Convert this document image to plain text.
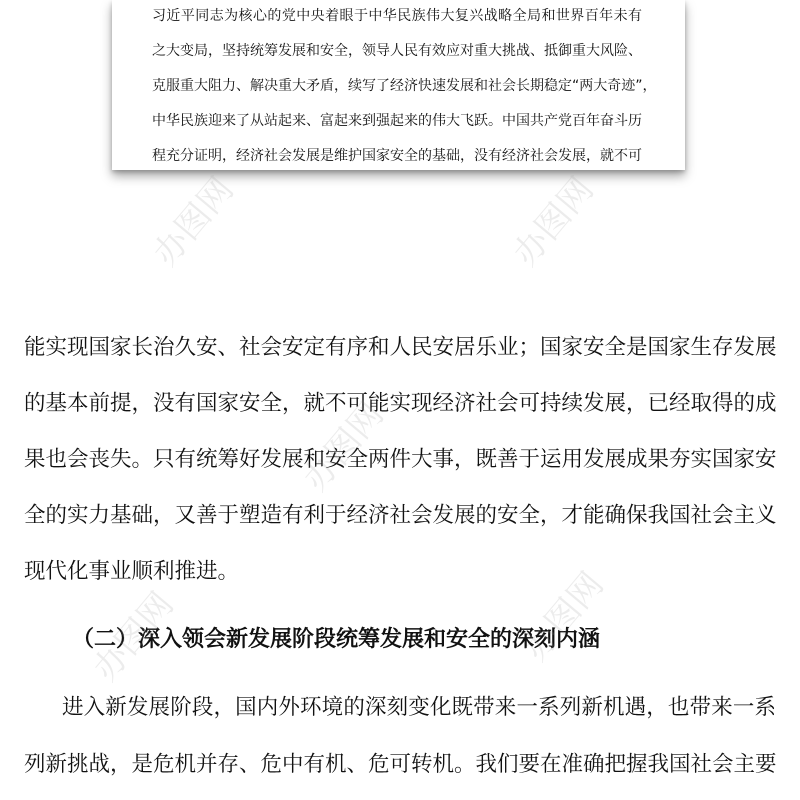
习近平同志为核心的党中央着眼于中华民族伟大复兴战略全局和世界百年未有
之大变局，坚持统筹发展和安全，领导人民有效应对重大挑战、抵御重大风险、
克服重大阻力、解决重大矛盾，续写了经济快速发展和社会长期稳定“两大奇迹”，
中华民族迎来了从站起来、富起来到强起来的伟大飞跃。中国共产党百年奋斗历
程充分证明，经济社会发展是维护国家安全的基础，没有经济社会发展，就不可
能实现国家长治久安、社会安定有序和人民安居乐业；国家安全是国家生存发展
的基本前提，没有国家安全，就不可能实现经济社会可持续发展，已经取得的成
果也会丧失。只有统筹好发展和安全两件大事，既善于运用发展成果夯实国家安
全的实力基础，又善于塑造有利于经济社会发展的安全，才能确保我国社会主义
现代化事业顺利推进。
（二）深入领会新发展阶段统筹发展和安全的深刻内涵
进入新发展阶段，国内外环境的深刻变化既带来一系列新机遇，也带来一系
列新挑战，是危机并存、危中有机、危可转机。我们要在准确把握我国社会主要
办图网	办图网
办图网
办图网	办图网
